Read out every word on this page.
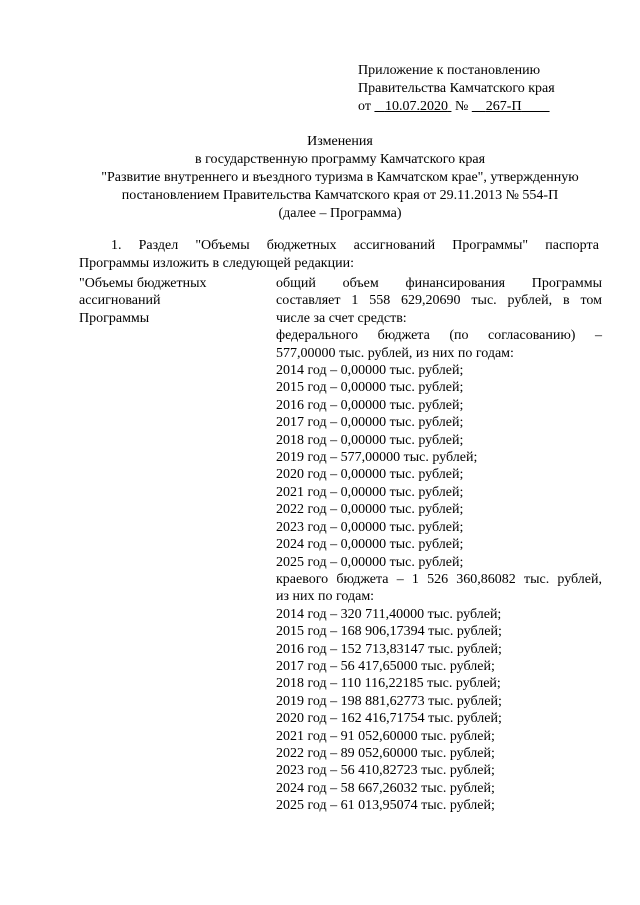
Приложение к постановлению
Правительства Камчатского края
от 10.07.2020 № 267-П
Изменения
в государственную программу Камчатского края
"Развитие внутреннего и въездного туризма в Камчатском крае", утвержденную
постановлением Правительства Камчатского края от 29.11.2013 № 554-П
(далее – Программа)
1. Раздел "Объемы бюджетных ассигнований Программы" паспорта
Программы изложить в следующей редакции:
"Объемы бюджетных
ассигнований
Программы
общий объем финансирования Программы
составляет 1 558 629,20690 тыс. рублей, в том
числе за счет средств:
федерального бюджета (по согласованию) –
577,00000 тыс. рублей, из них по годам:
2014 год – 0,00000 тыс. рублей;
2015 год – 0,00000 тыс. рублей;
2016 год – 0,00000 тыс. рублей;
2017 год – 0,00000 тыс. рублей;
2018 год – 0,00000 тыс. рублей;
2019 год – 577,00000 тыс. рублей;
2020 год – 0,00000 тыс. рублей;
2021 год – 0,00000 тыс. рублей;
2022 год – 0,00000 тыс. рублей;
2023 год – 0,00000 тыс. рублей;
2024 год – 0,00000 тыс. рублей;
2025 год – 0,00000 тыс. рублей;
краевого бюджета – 1 526 360,86082 тыс. рублей,
из них по годам:
2014 год – 320 711,40000 тыс. рублей;
2015 год – 168 906,17394 тыс. рублей;
2016 год – 152 713,83147 тыс. рублей;
2017 год – 56 417,65000 тыс. рублей;
2018 год – 110 116,22185 тыс. рублей;
2019 год – 198 881,62773 тыс. рублей;
2020 год – 162 416,71754 тыс. рублей;
2021 год – 91 052,60000 тыс. рублей;
2022 год – 89 052,60000 тыс. рублей;
2023 год – 56 410,82723 тыс. рублей;
2024 год – 58 667,26032 тыс. рублей;
2025 год – 61 013,95074 тыс. рублей;
